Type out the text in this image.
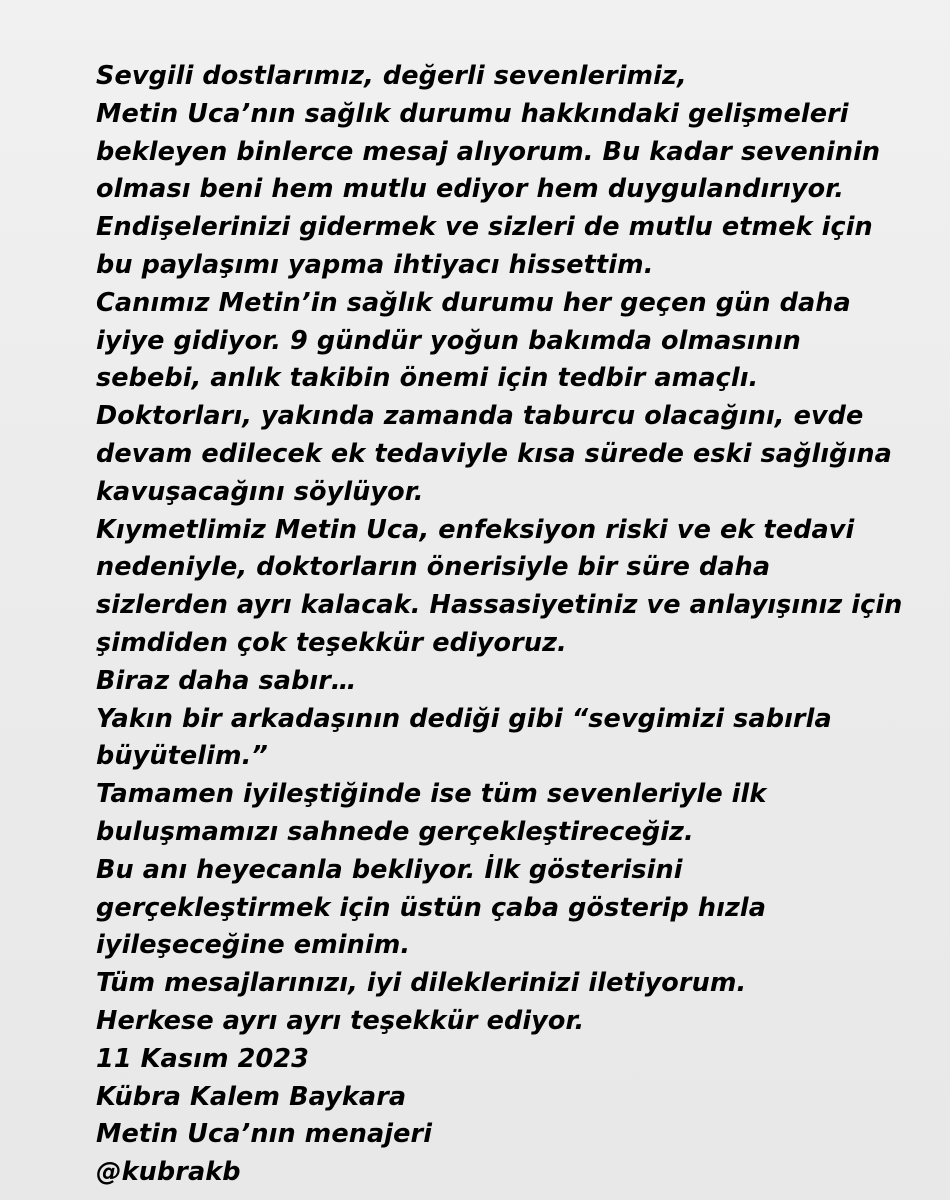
Sevgili dostlarımız, değerli sevenlerimiz,
Metin Uca’nın sağlık durumu hakkındaki gelişmeleri
bekleyen binlerce mesaj alıyorum. Bu kadar seveninin
olması beni hem mutlu ediyor hem duygulandırıyor.
Endişelerinizi gidermek ve sizleri de mutlu etmek için
bu paylaşımı yapma ihtiyacı hissettim.
Canımız Metin’in sağlık durumu her geçen gün daha
iyiye gidiyor. 9 gündür yoğun bakımda olmasının
sebebi, anlık takibin önemi için tedbir amaçlı.
Doktorları, yakında zamanda taburcu olacağını, evde
devam edilecek ek tedaviyle kısa sürede eski sağlığına
kavuşacağını söylüyor.
Kıymetlimiz Metin Uca, enfeksiyon riski ve ek tedavi
nedeniyle, doktorların önerisiyle bir süre daha
sizlerden ayrı kalacak. Hassasiyetiniz ve anlayışınız için
şimdiden çok teşekkür ediyoruz.
Biraz daha sabır…
Yakın bir arkadaşının dediği gibi “sevgimizi sabırla
büyütelim.”
Tamamen iyileştiğinde ise tüm sevenleriyle ilk
buluşmamızı sahnede gerçekleştireceğiz.
Bu anı heyecanla bekliyor. İlk gösterisini
gerçekleştirmek için üstün çaba gösterip hızla
iyileşeceğine eminim.
Tüm mesajlarınızı, iyi dileklerinizi iletiyorum.
Herkese ayrı ayrı teşekkür ediyor.
11 Kasım 2023
Kübra Kalem Baykara
Metin Uca’nın menajeri
@kubrakb
